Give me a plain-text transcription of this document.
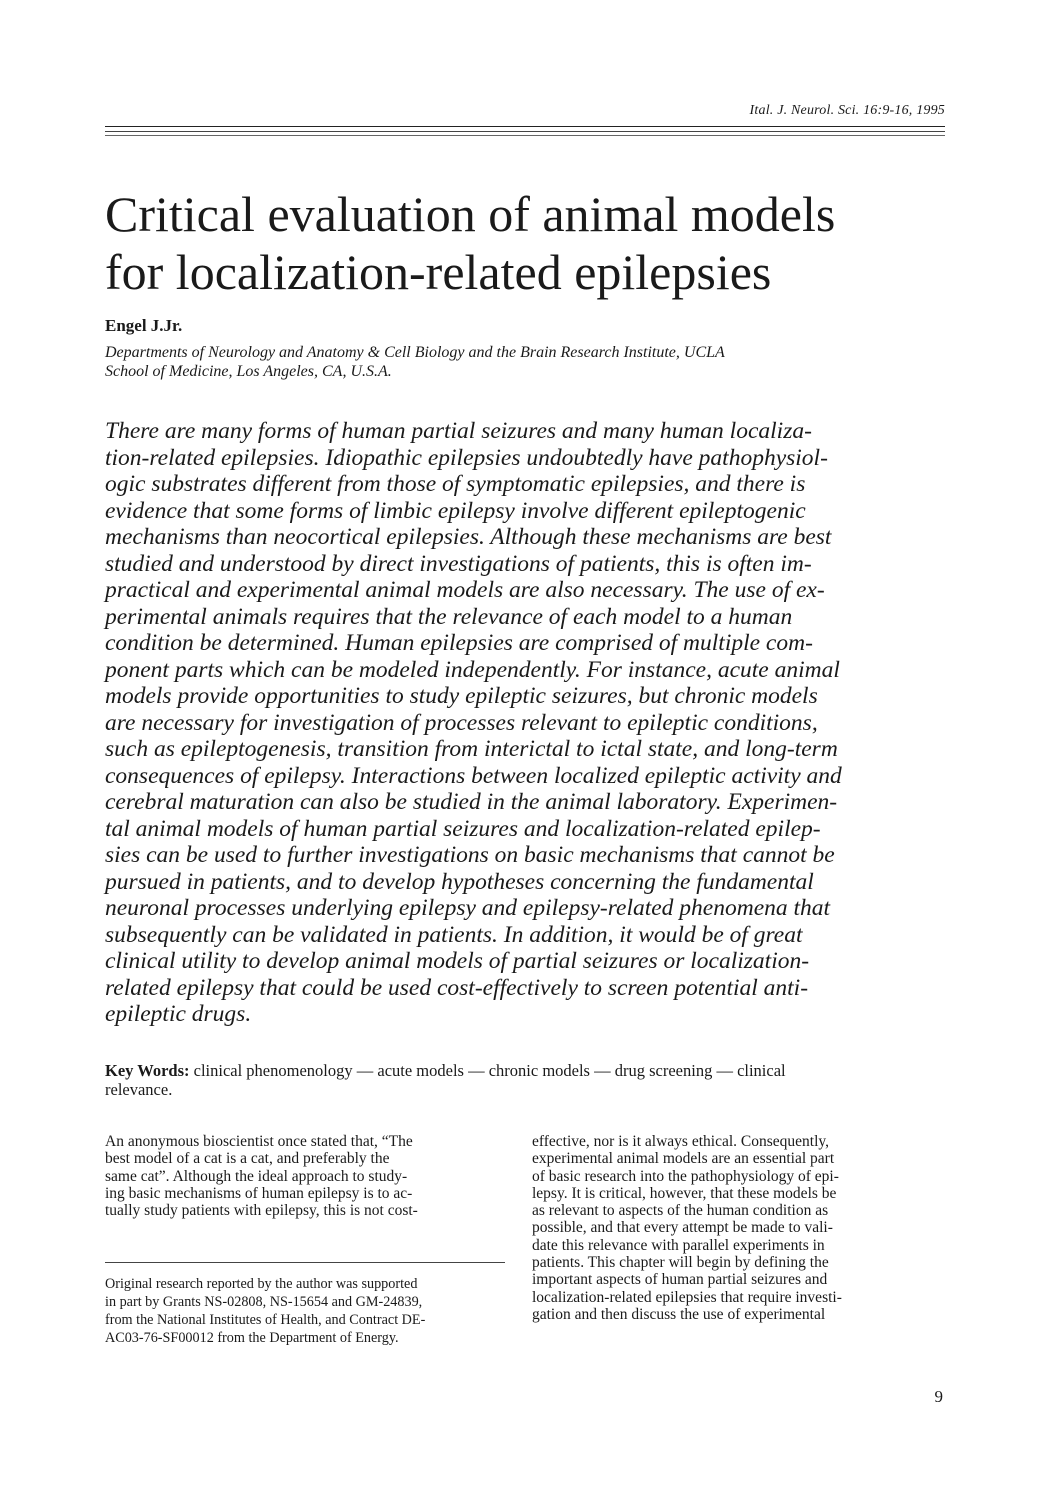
Ital. J. Neurol. Sci. 16:9-16, 1995
Critical evaluation of animal models
for localization-related epilepsies
Engel J.Jr.
Departments of Neurology and Anatomy & Cell Biology and the Brain Research Institute, UCLA
School of Medicine, Los Angeles, CA, U.S.A.
There are many forms of human partial seizures and many human localiza-
tion-related epilepsies. Idiopathic epilepsies undoubtedly have pathophysiol-
ogic substrates different from those of symptomatic epilepsies, and there is
evidence that some forms of limbic epilepsy involve different epileptogenic
mechanisms than neocortical epilepsies. Although these mechanisms are best
studied and understood by direct investigations of patients, this is often im-
practical and experimental animal models are also necessary. The use of ex-
perimental animals requires that the relevance of each model to a human
condition be determined. Human epilepsies are comprised of multiple com-
ponent parts which can be modeled independently. For instance, acute animal
models provide opportunities to study epileptic seizures, but chronic models
are necessary for investigation of processes relevant to epileptic conditions,
such as epileptogenesis, transition from interictal to ictal state, and long-term
consequences of epilepsy. Interactions between localized epileptic activity and
cerebral maturation can also be studied in the animal laboratory. Experimen-
tal animal models of human partial seizures and localization-related epilep-
sies can be used to further investigations on basic mechanisms that cannot be
pursued in patients, and to develop hypotheses concerning the fundamental
neuronal processes underlying epilepsy and epilepsy-related phenomena that
subsequently can be validated in patients. In addition, it would be of great
clinical utility to develop animal models of partial seizures or localization-
related epilepsy that could be used cost-effectively to screen potential anti-
epileptic drugs.
Key Words: clinical phenomenology — acute models — chronic models — drug screening — clinical
relevance.
An anonymous bioscientist once stated that, “The
best model of a cat is a cat, and preferably the
same cat”. Although the ideal approach to study-
ing basic mechanisms of human epilepsy is to ac-
tually study patients with epilepsy, this is not cost-
Original research reported by the author was supported
in part by Grants NS-02808, NS-15654 and GM-24839,
from the National Institutes of Health, and Contract DE-
AC03-76-SF00012 from the Department of Energy.
effective, nor is it always ethical. Consequently,
experimental animal models are an essential part
of basic research into the pathophysiology of epi-
lepsy. It is critical, however, that these models be
as relevant to aspects of the human condition as
possible, and that every attempt be made to vali-
date this relevance with parallel experiments in
patients. This chapter will begin by defining the
important aspects of human partial seizures and
localization-related epilepsies that require investi-
gation and then discuss the use of experimental
9
